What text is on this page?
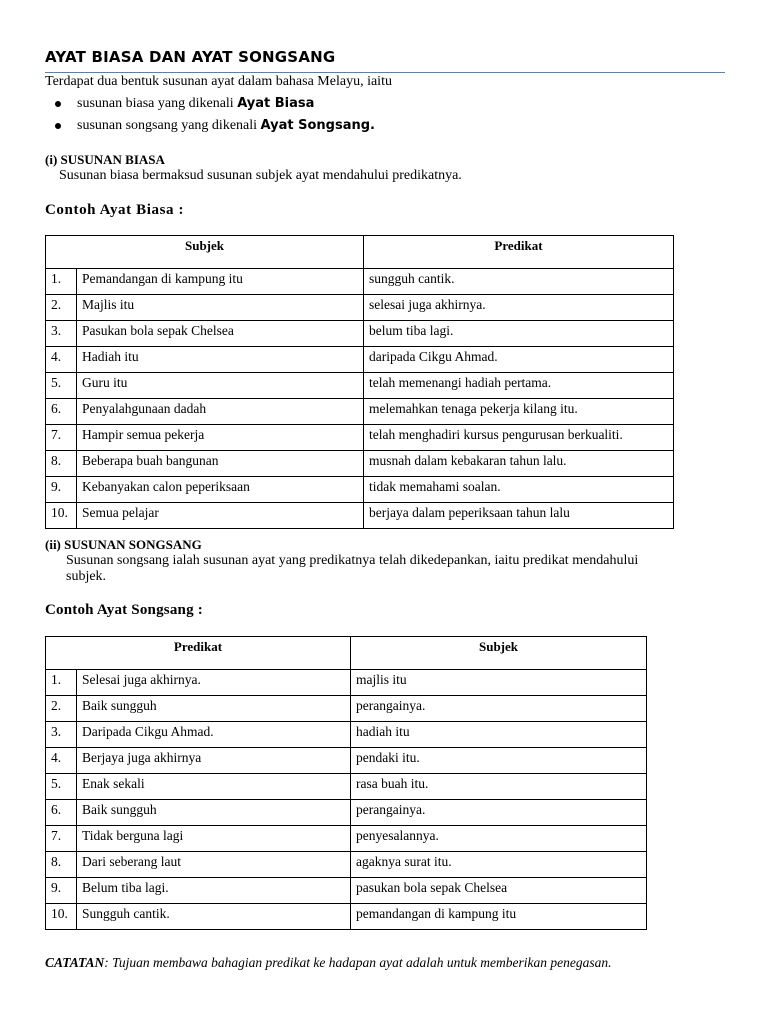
AYAT BIASA DAN AYAT SONGSANG
Terdapat dua bentuk susunan ayat dalam bahasa Melayu, iaitu
susunan biasa yang dikenali Ayat Biasa
susunan songsang yang dikenali Ayat Songsang.
(i) SUSUNAN BIASA
Susunan biasa bermaksud susunan subjek ayat mendahului predikatnya.
Contoh Ayat Biasa :
Subjek		Predikat
1.	Pemandangan di kampung itu	sungguh cantik.
2.	Majlis itu	selesai juga akhirnya.
3.	Pasukan bola sepak Chelsea	belum tiba lagi.
4.	Hadiah itu	daripada Cikgu Ahmad.
5.	Guru itu	telah memenangi hadiah pertama.
6.	Penyalahgunaan dadah	melemahkan tenaga pekerja kilang itu.
7.	Hampir semua pekerja	telah menghadiri kursus pengurusan berkualiti.
8.	Beberapa buah bangunan	musnah dalam kebakaran tahun lalu.
9.	Kebanyakan calon peperiksaan	tidak memahami soalan.
10.	Semua pelajar	berjaya dalam peperiksaan tahun lalu
(ii) SUSUNAN SONGSANG
Susunan songsang ialah susunan ayat yang predikatnya telah dikedepankan, iaitu predikat mendahului subjek.
Contoh Ayat Songsang :
Predikat		Subjek
1.	Selesai juga akhirnya.	majlis itu
2.	Baik sungguh	perangainya.
3.	Daripada Cikgu Ahmad.	hadiah itu
4.	Berjaya juga akhirnya	pendaki itu.
5.	Enak sekali	rasa buah itu.
6.	Baik sungguh	perangainya.
7.	Tidak berguna lagi	penyesalannya.
8.	Dari seberang laut	agaknya surat itu.
9.	Belum tiba lagi.	pasukan bola sepak Chelsea
10.	Sungguh cantik.	pemandangan di kampung itu
CATATAN: Tujuan membawa bahagian predikat ke hadapan ayat adalah untuk memberikan penegasan.
